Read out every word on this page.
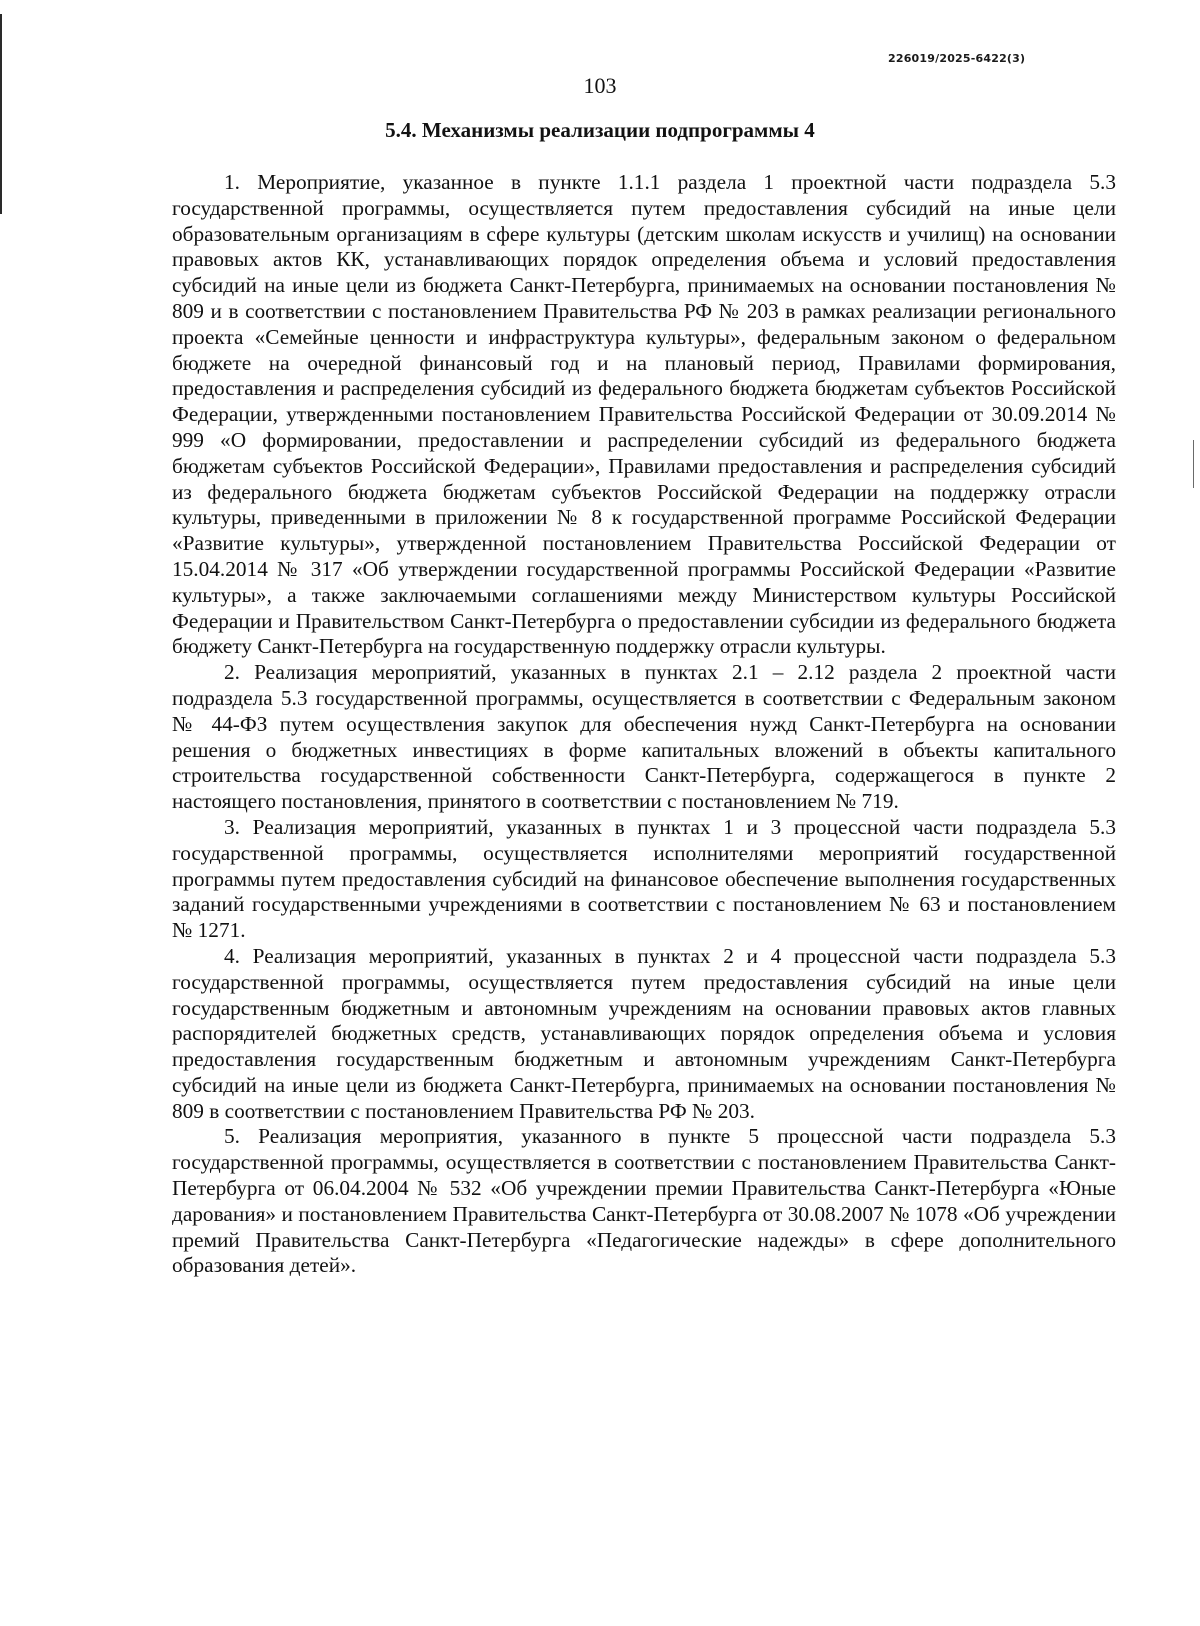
226019/2025-6422(3)
103
5.4. Механизмы реализации подпрограммы 4

1. Мероприятие, указанное в пункте 1.1.1 раздела 1 проектной части подраздела 5.3 государственной программы, осуществляется путем предоставления субсидий на иные цели образовательным организациям в сфере культуры (детским школам искусств и училищ) на основании правовых актов КК, устанавливающих порядок определения объема и условий предоставления субсидий на иные цели из бюджета Санкт-Петербурга, принимаемых на основании постановления № 809 и в соответствии с постановлением Правительства РФ № 203 в рамках реализации регионального проекта «Семейные ценности и инфраструктура культуры», федеральным законом о федеральном бюджете на очередной финансовый год и на плановый период, Правилами формирования, предоставления и распределения субсидий из федерального бюджета бюджетам субъектов Российской Федерации, утвержденными постановлением Правительства Российской Федерации от 30.09.2014 № 999 «О формировании, предоставлении и распределении субсидий из федерального бюджета бюджетам субъектов Российской Федерации», Правилами предоставления и распределения субсидий из федерального бюджета бюджетам субъектов Российской Федерации на поддержку отрасли культуры, приведенными в приложении № 8 к государственной программе Российской Федерации «Развитие культуры», утвержденной постановлением Правительства Российской Федерации от 15.04.2014 № 317 «Об утверждении государственной программы Российской Федерации «Развитие культуры», а также заключаемыми соглашениями между Министерством культуры Российской Федерации и Правительством Санкт-Петербурга о предоставлении субсидии из федерального бюджета бюджету Санкт-Петербурга на государственную поддержку отрасли культуры.

2. Реализация мероприятий, указанных в пунктах 2.1 – 2.12 раздела 2 проектной части подраздела 5.3 государственной программы, осуществляется в соответствии с Федеральным законом № 44-ФЗ путем осуществления закупок для обеспечения нужд Санкт-Петербурга на основании решения о бюджетных инвестициях в форме капитальных вложений в объекты капитального строительства государственной собственности Санкт-Петербурга, содержащегося в пункте 2 настоящего постановления, принятого в соответствии с постановлением № 719.

3. Реализация мероприятий, указанных в пунктах 1 и 3 процессной части подраздела 5.3 государственной программы, осуществляется исполнителями мероприятий государственной программы путем предоставления субсидий на финансовое обеспечение выполнения государственных заданий государственными учреждениями в соответствии с постановлением № 63 и постановлением № 1271.

4. Реализация мероприятий, указанных в пунктах 2 и 4 процессной части подраздела 5.3 государственной программы, осуществляется путем предоставления субсидий на иные цели государственным бюджетным и автономным учреждениям на основании правовых актов главных распорядителей бюджетных средств, устанавливающих порядок определения объема и условия предоставления государственным бюджетным и автономным учреждениям Санкт-Петербурга субсидий на иные цели из бюджета Санкт-Петербурга, принимаемых на основании постановления № 809 в соответствии с постановлением Правительства РФ № 203.

5. Реализация мероприятия, указанного в пункте 5 процессной части подраздела 5.3 государственной программы, осуществляется в соответствии с постановлением Правительства Санкт-Петербурга от 06.04.2004 № 532 «Об учреждении премии Правительства Санкт-Петербурга «Юные дарования» и постановлением Правительства Санкт-Петербурга от 30.08.2007 № 1078 «Об учреждении премий Правительства Санкт-Петербурга «Педагогические надежды» в сфере дополнительного образования детей».
